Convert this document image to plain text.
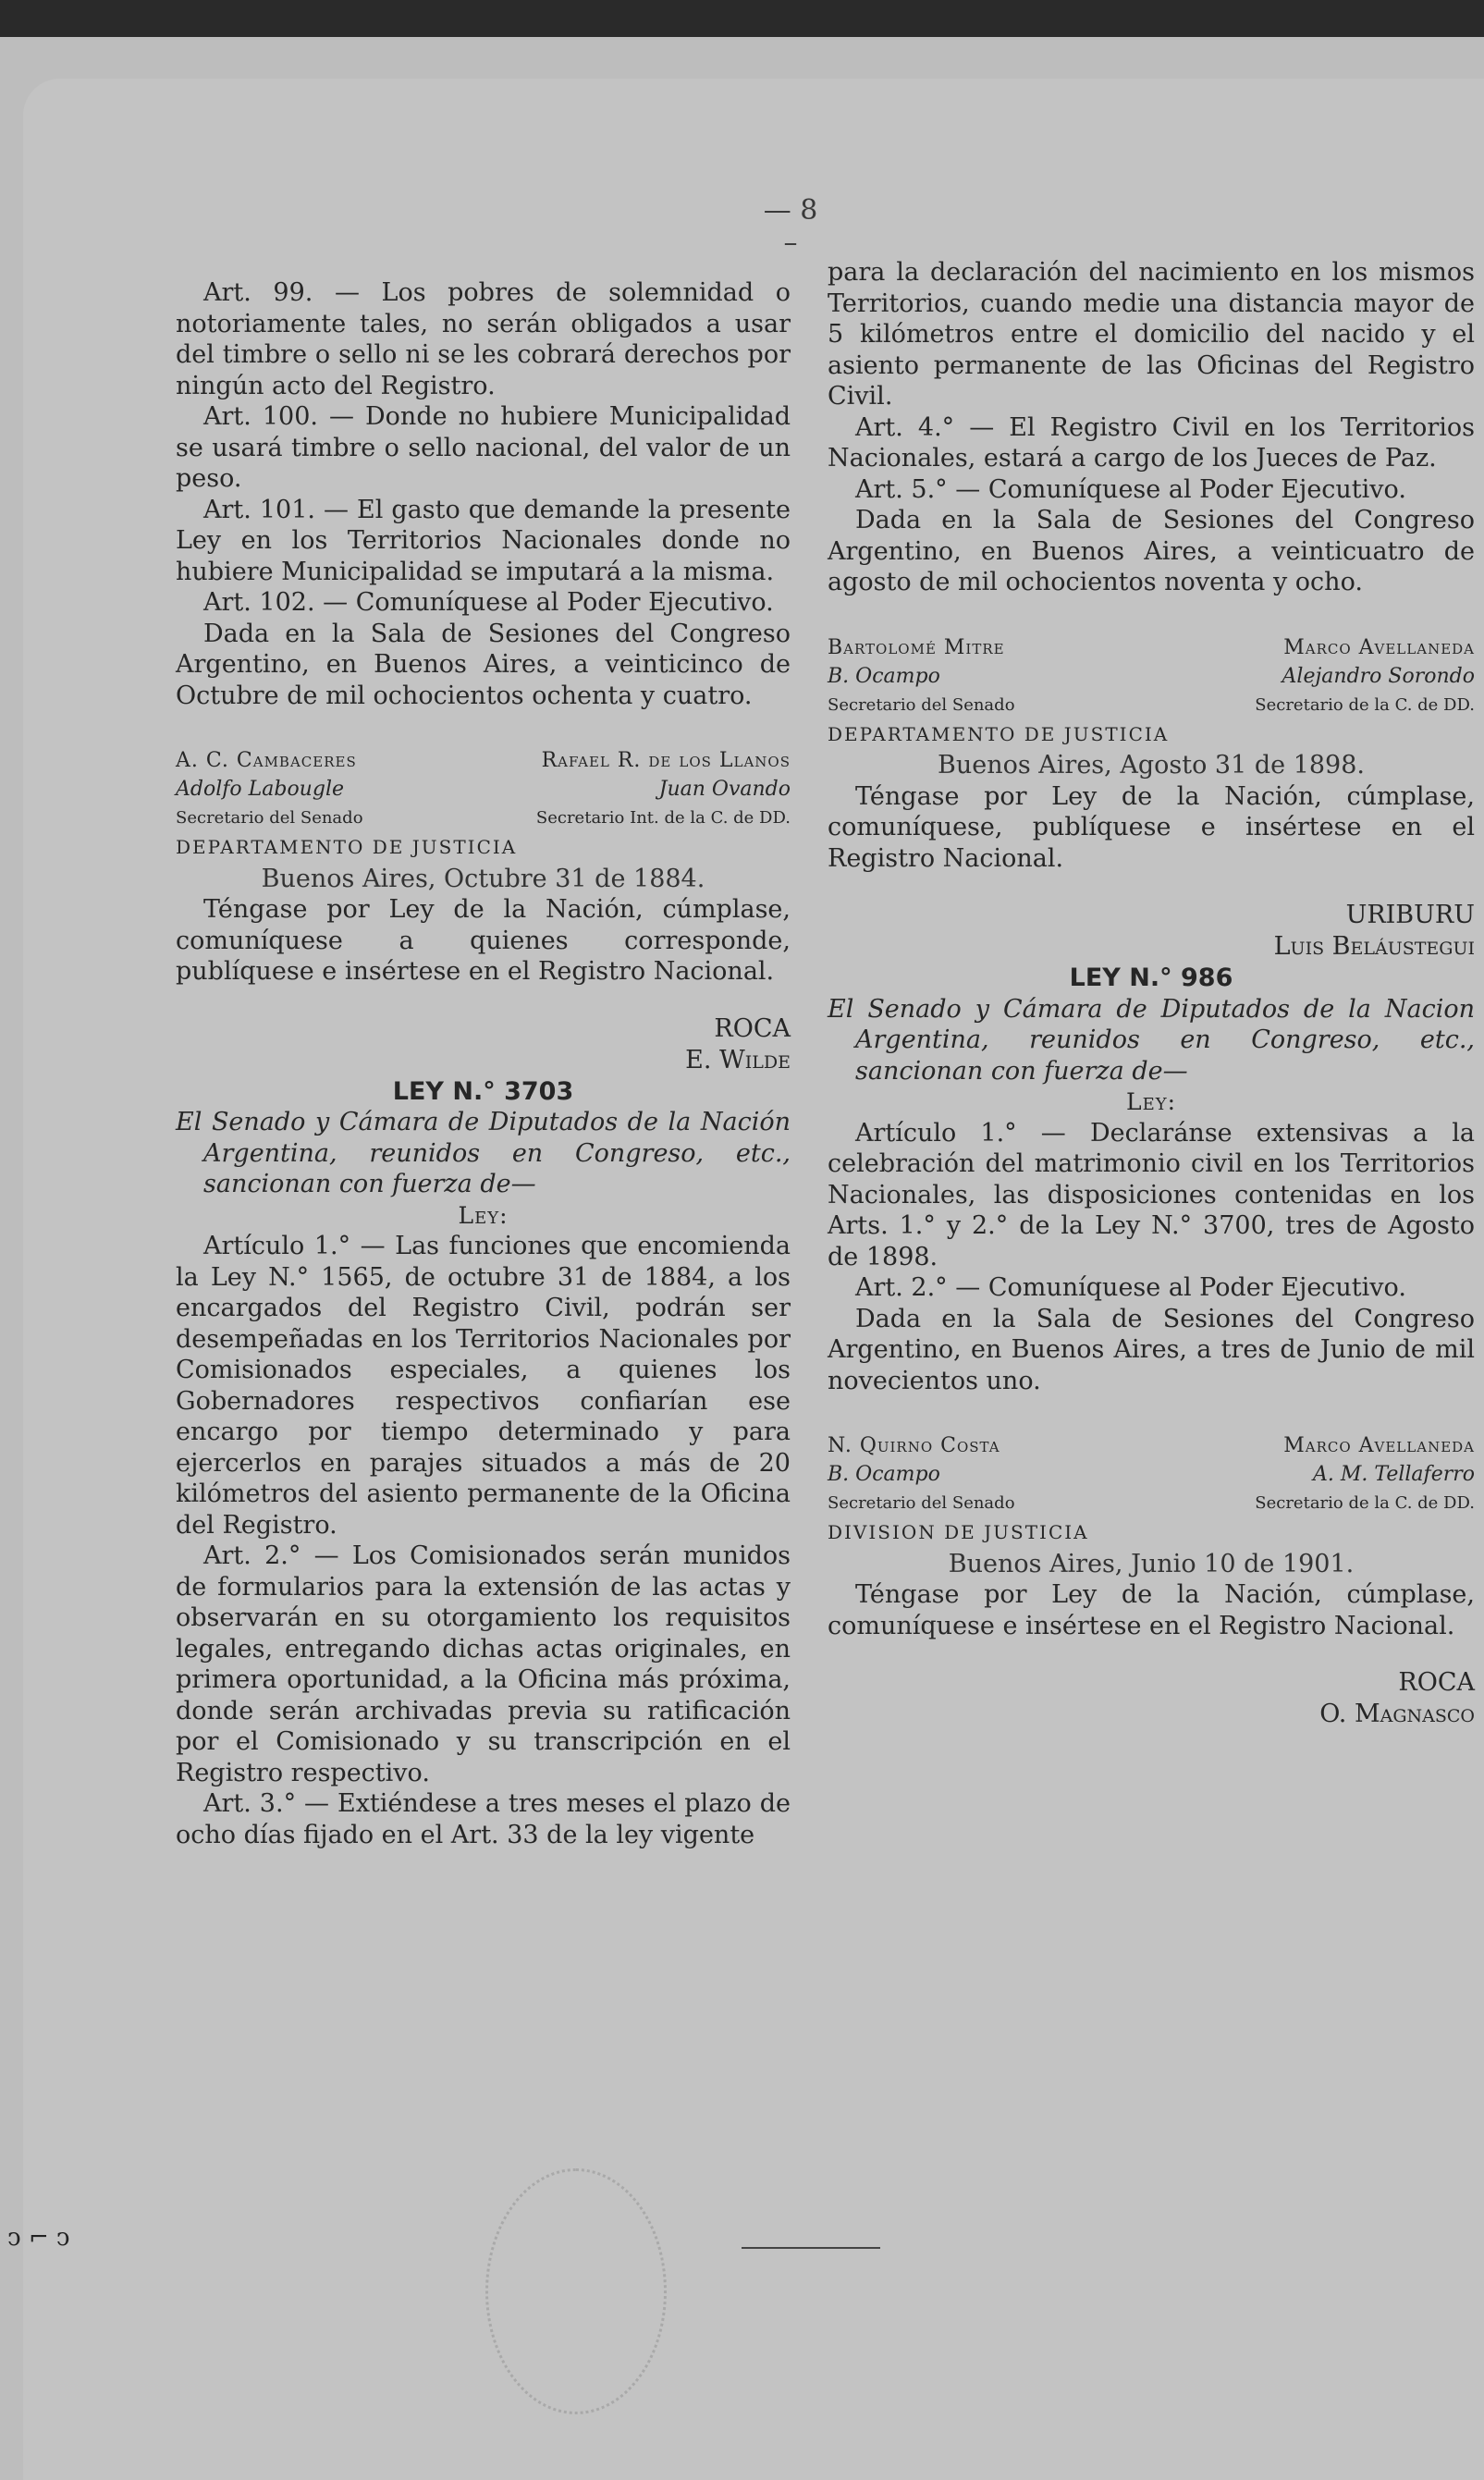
— 8 –

Art. 99. — Los pobres de solemnidad o notoriamente tales, no serán obligados a usar del timbre o sello ni se les cobrará derechos por ningún acto del Registro.

Art. 100. — Donde no hubiere Municipalidad se usará timbre o sello nacional, del valor de un peso.

Art. 101. — El gasto que demande la presente Ley en los Territorios Nacionales donde no hubiere Municipalidad se imputará a la misma.

Art. 102. — Comuníquese al Poder Ejecutivo.

Dada en la Sala de Sesiones del Congreso Argentino, en Buenos Aires, a veinticinco de Octubre de mil ochocientos ochenta y cuatro.

A. C. Cambaceres
Adolfo Labougle
Secretario del Senado
Rafael R. de los Llanos
Juan Ovando
Secretario Int. de la C. de DD.

DEPARTAMENTO DE JUSTICIA

Buenos Aires, Octubre 31 de 1884.

Téngase por Ley de la Nación, cúmplase, comuníquese a quienes corresponde, publíquese e insértese en el Registro Nacional.

ROCA
E. Wilde

LEY N.° 3703

El Senado y Cámara de Diputados de la Nación Argentina, reunidos en Congreso, etc., sancionan con fuerza de—

Ley:

Artículo 1.° — Las funciones que encomienda la Ley N.° 1565, de octubre 31 de 1884, a los encargados del Registro Civil, podrán ser desempeñadas en los Territorios Nacionales por Comisionados especiales, a quienes los Gobernadores respectivos confiarían ese encargo por tiempo determinado y para ejercerlos en parajes situados a más de 20 kilómetros del asiento permanente de la Oficina del Registro.

Art. 2.° — Los Comisionados serán munidos de formularios para la extensión de las actas y observarán en su otorgamiento los requisitos legales, entregando dichas actas originales, en primera oportunidad, a la Oficina más próxima, donde serán archivadas previa su ratificación por el Comisionado y su transcripción en el Registro respectivo.

Art. 3.° — Extiéndese a tres meses el plazo de ocho días fijado en el Art. 33 de la ley vigente

para la declaración del nacimiento en los mismos Territorios, cuando medie una distancia mayor de 5 kilómetros entre el domicilio del nacido y el asiento permanente de las Oficinas del Registro Civil.

Art. 4.° — El Registro Civil en los Territorios Nacionales, estará a cargo de los Jueces de Paz.

Art. 5.° — Comuníquese al Poder Ejecutivo.

Dada en la Sala de Sesiones del Congreso Argentino, en Buenos Aires, a veinticuatro de agosto de mil ochocientos noventa y ocho.

Bartolomé Mitre
B. Ocampo
Secretario del Senado
Marco Avellaneda
Alejandro Sorondo
Secretario de la C. de DD.

DEPARTAMENTO DE JUSTICIA

Buenos Aires, Agosto 31 de 1898.

Téngase por Ley de la Nación, cúmplase, comuníquese, publíquese e insértese en el Registro Nacional.

URIBURU
Luis Beláustegui

LEY N.° 986

El Senado y Cámara de Diputados de la Nacion Argentina, reunidos en Congreso, etc., sancionan con fuerza de—

Ley:

Artículo 1.° — Declaránse extensivas a la celebración del matrimonio civil en los Territorios Nacionales, las disposiciones contenidas en los Arts. 1.° y 2.° de la Ley N.° 3700, tres de Agosto de 1898.

Art. 2.° — Comuníquese al Poder Ejecutivo.

Dada en la Sala de Sesiones del Congreso Argentino, en Buenos Aires, a tres de Junio de mil novecientos uno.

N. Quirno Costa
B. Ocampo
Secretario del Senado
Marco Avellaneda
A. M. Tellaferro
Secretario de la C. de DD.

DIVISION DE JUSTICIA

Buenos Aires, Junio 10 de 1901.

Téngase por Ley de la Nación, cúmplase, comuníquese e insértese en el Registro Nacional.

ROCA
O. Magnasco
ↄ ⌐ ↄ
